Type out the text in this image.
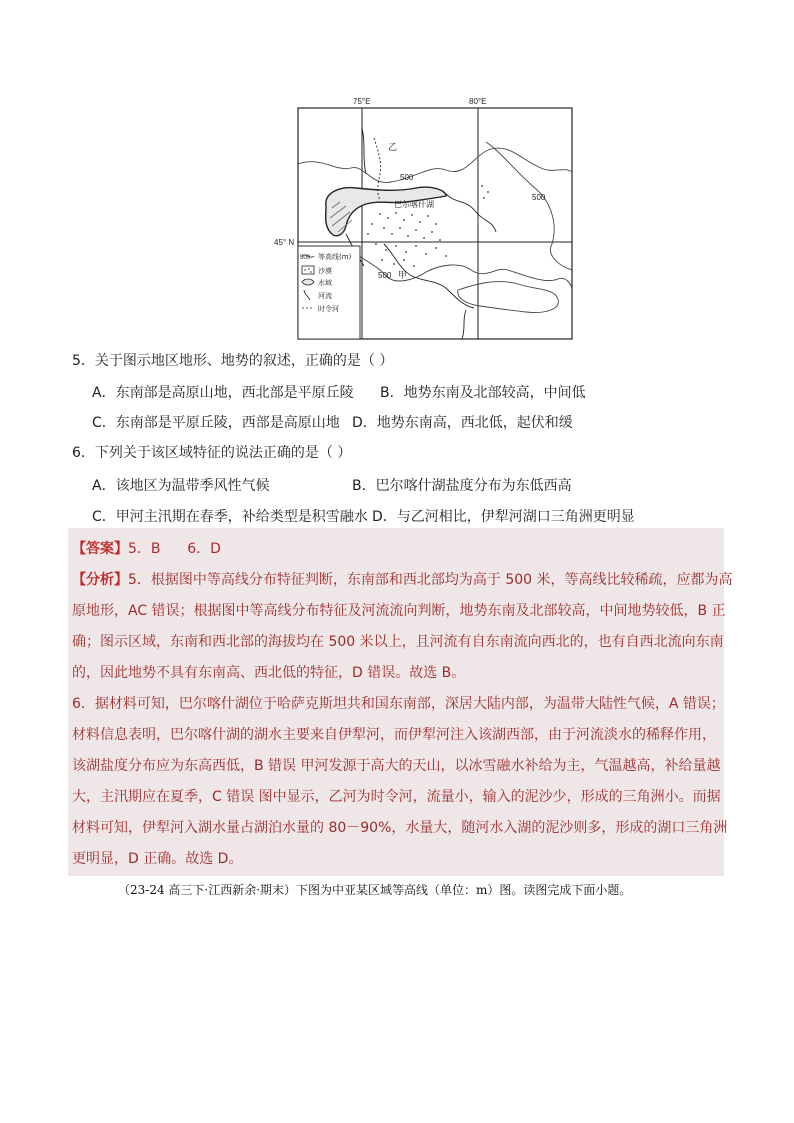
75°E	80°E
45° N
500
500
500
巴尔喀什湖
乙
甲
500 等高线(m)
沙漠
水域
河流
时令河
5．关于图示地区地形、地势的叙述，正确的是（ ）
A．东南部是高原山地，西北部是平原丘陵 B．地势东南及北部较高，中间低
C．东南部是平原丘陵，西部是高原山地 D．地势东南高，西北低，起伏和缓
6．下列关于该区域特征的说法正确的是（ ）
A．该地区为温带季风性气候	B．巴尔喀什湖盐度分布为东低西高
C．甲河主汛期在春季，补给类型是积雪融水 D．与乙河相比，伊犁河湖口三角洲更明显
【答案】5．B      6．D
【分析】5．根据图中等高线分布特征判断，东南部和西北部均为高于 500 米，等高线比较稀疏，应都为高
原地形，AC 错误；根据图中等高线分布特征及河流流向判断，地势东南及北部较高，中间地势较低，B 正
确；图示区域，东南和西北部的海拔均在 500 米以上，且河流有自东南流向西北的，也有自西北流向东南
的，因此地势不具有东南高、西北低的特征，D 错误。故选 B。
6．据材料可知，巴尔喀什湖位于哈萨克斯坦共和国东南部，深居大陆内部，为温带大陆性气候，A 错误；
材料信息表明，巴尔喀什湖的湖水主要来自伊犁河，而伊犁河注入该湖西部，由于河流淡水的稀释作用，
该湖盐度分布应为东高西低，B 错误 甲河发源于高大的天山，以冰雪融水补给为主，气温越高，补给量越
大，主汛期应在夏季，C 错误 图中显示，乙河为时令河，流量小，输入的泥沙少，形成的三角洲小。而据
材料可知，伊犁河入湖水量占湖泊水量的 80－90%，水量大，随河水入湖的泥沙则多，形成的湖口三角洲
更明显，D 正确。故选 D。
（23-24 高三下·江西新余·期末）下图为中亚某区域等高线（单位：m）图。读图完成下面小题。
